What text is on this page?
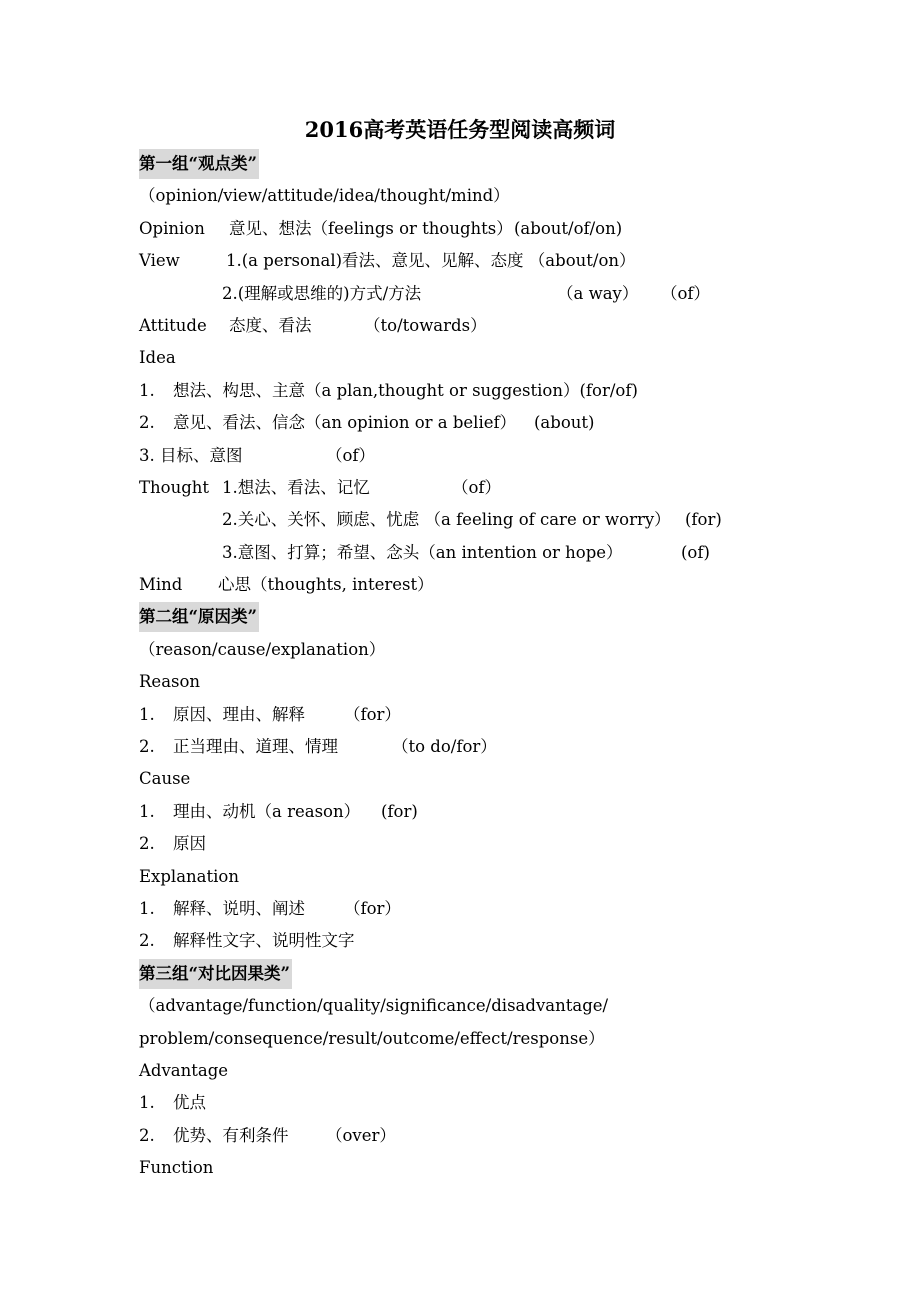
2016高考英语任务型阅读高频词
第一组“观点类”
（opinion/view/attitude/idea/thought/mind）
Opinion 意见、想法（feelings or thoughts） (about/of/on)
View	1.(a personal)看法、意见、见解、态度 （about/on）
2.(理解或思维的)方式/方法	（a way） （of）
Attitude 态度、看法	（to/towards）
Idea
1. 想法、构思、主意（a plan,thought or suggestion）(for/of)
2. 意见、看法、信念（an opinion or a belief） (about)
3. 目标、意图	（of）
Thought 1.想法、看法、记忆	（of）
2.关心、关怀、顾虑、忧虑 （a feeling of care or worry） (for)
3.意图、打算；希望、念头（an intention or hope）	(of)
Mind 心思（thoughts, interest）
第二组“原因类”
（reason/cause/explanation）
Reason
1. 原因、理由、解释 （for）
2. 正当理由、道理、情理	（to do/for）
Cause
1. 理由、动机（a reason） (for)
2. 原因
Explanation
1. 解释、说明、阐述 （for）
2. 解释性文字、说明性文字
第三组“对比因果类”
（advantage/function/quality/significance/disadvantage/
problem/consequence/result/outcome/effect/response）
Advantage
1. 优点
2. 优势、有利条件 （over）
Function
